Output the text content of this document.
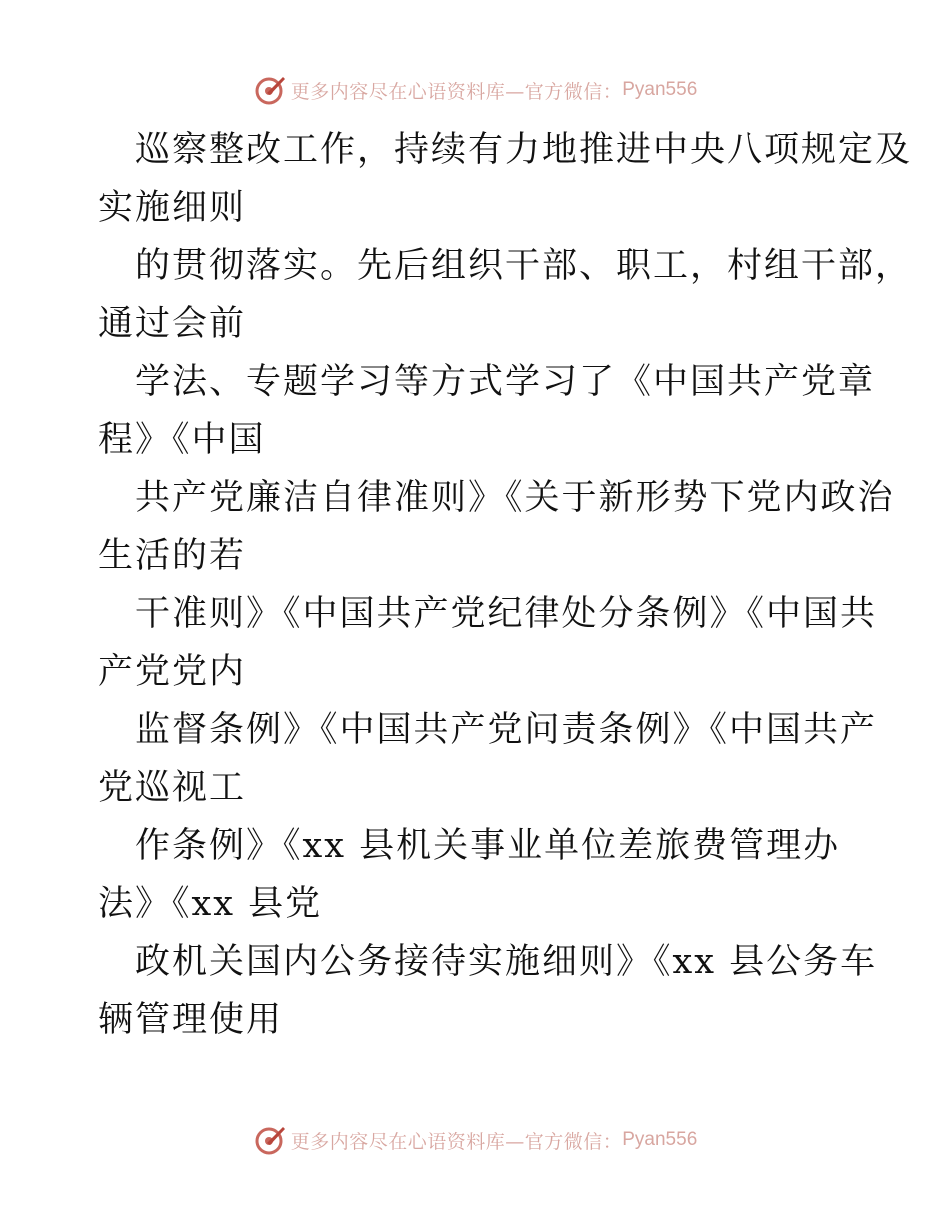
更多内容尽在心语资料库—官方微信： Pyan556
巡察整改工作，持续有力地推进中央八项规定及
实施细则
的贯彻落实。先后组织干部、职工，村组干部，
通过会前
学法、专题学习等方式学习了《中国共产党章
程》《中国
共产党廉洁自律准则》《关于新形势下党内政治
生活的若
干准则》《中国共产党纪律处分条例》《中国共
产党党内
监督条例》《中国共产党问责条例》《中国共产
党巡视工
作条例》《xx 县机关事业单位差旅费管理办
法》《xx 县党
政机关国内公务接待实施细则》《xx 县公务车
辆管理使用
更多内容尽在心语资料库—官方微信： Pyan556
